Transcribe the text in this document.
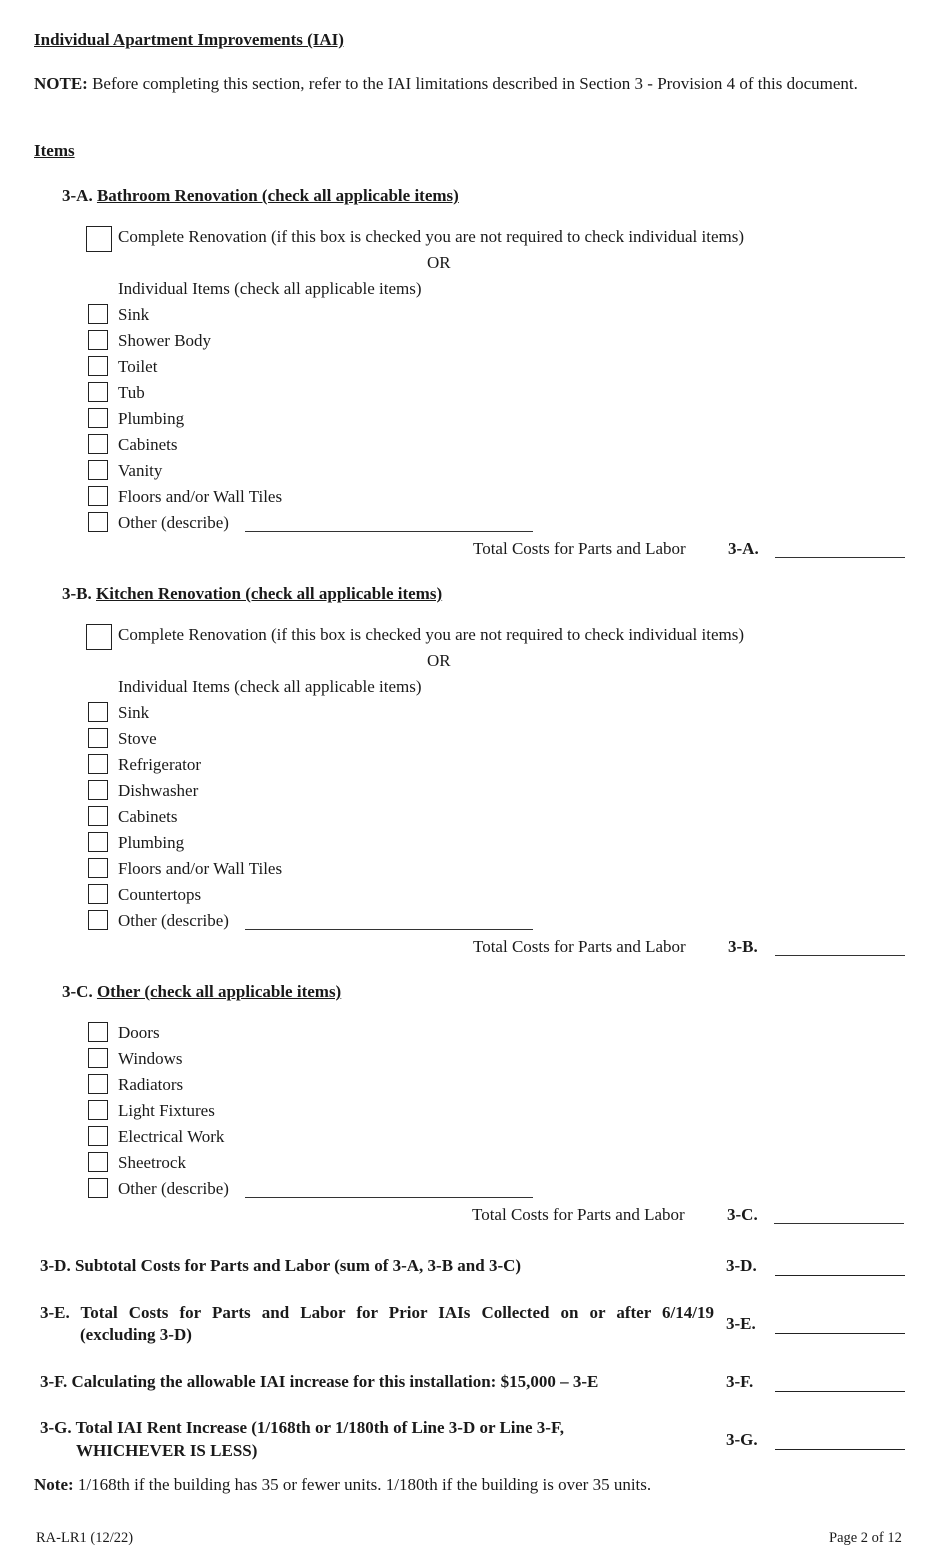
Individual Apartment Improvements (IAI)
NOTE: Before completing this section, refer to the IAI limitations described in Section 3 - Provision 4 of this document.
Items
3-A. Bathroom Renovation (check all applicable items)
Complete Renovation (if this box is checked you are not required to check individual items)
OR
Individual Items (check all applicable items)
Sink
Shower Body
Toilet
Tub
Plumbing
Cabinets
Vanity
Floors and/or Wall Tiles
Other (describe)
Total Costs for Parts and Labor 3-A.
3-B. Kitchen Renovation (check all applicable items)
Complete Renovation (if this box is checked you are not required to check individual items)
OR
Individual Items (check all applicable items)
Sink
Stove
Refrigerator
Dishwasher
Cabinets
Plumbing
Floors and/or Wall Tiles
Countertops
Other (describe)
Total Costs for Parts and Labor 3-B.
3-C. Other (check all applicable items)
Doors
Windows
Radiators
Light Fixtures
Electrical Work
Sheetrock
Other (describe)
Total Costs for Parts and Labor 3-C.
3-D. Subtotal Costs for Parts and Labor (sum of 3-A, 3-B and 3-C)	3-D.
3-E. Total Costs for Parts and Labor for Prior IAIs Collected on or after 6/14/19
(excluding 3-D)
3-E.
3-F. Calculating the allowable IAI increase for this installation: $15,000 – 3-E	3-F.
3-G. Total IAI Rent Increase (1/168th or 1/180th of Line 3-D or Line 3-F,
WHICHEVER IS LESS)
3-G.
Note: 1/168th if the building has 35 or fewer units. 1/180th if the building is over 35 units.
RA-LR1 (12/22)	Page 2 of 12
